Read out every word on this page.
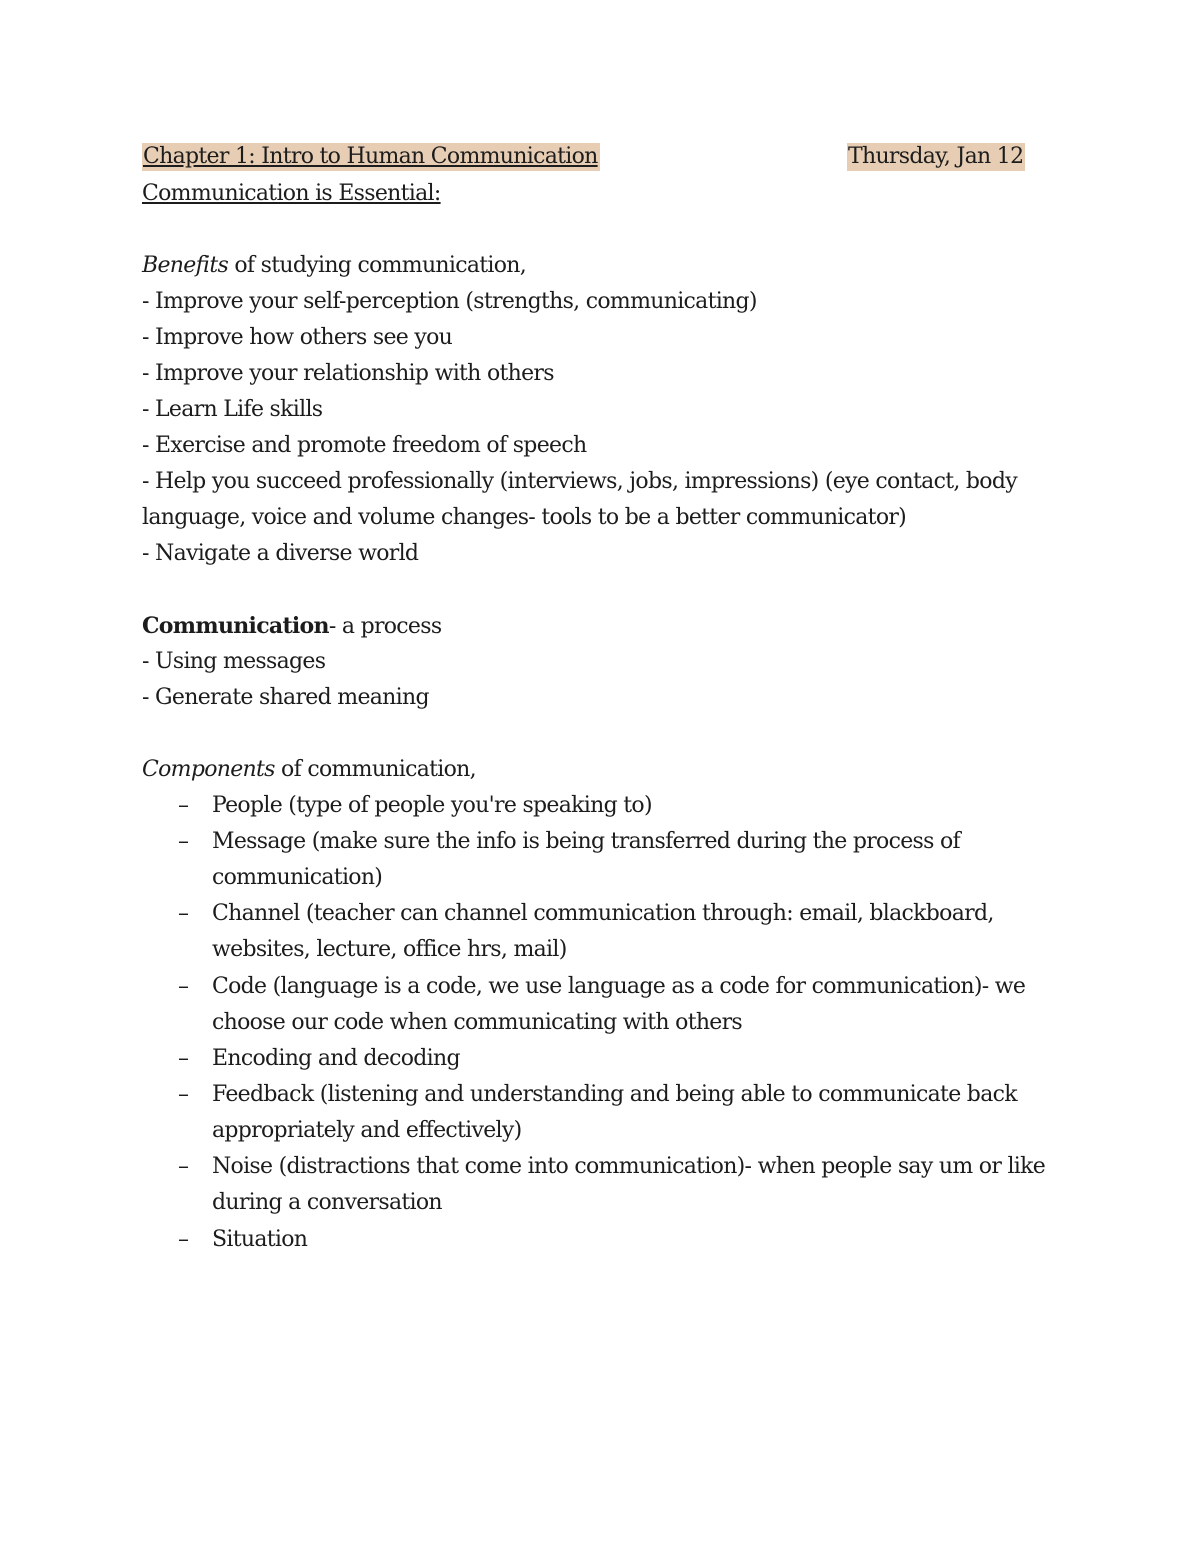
Chapter 1: Intro to Human Communication	Thursday, Jan 12
Communication is Essential:
Benefits of studying communication,
- Improve your self-perception (strengths, communicating)
- Improve how others see you
- Improve your relationship with others
- Learn Life skills
- Exercise and promote freedom of speech
- Help you succeed professionally (interviews, jobs, impressions) (eye contact, body
language, voice and volume changes- tools to be a better communicator)
- Navigate a diverse world
Communication- a process
- Using messages
- Generate shared meaning
Components of communication,
– People (type of people you're speaking to)
– Message (make sure the info is being transferred during the process of
communication)
– Channel (teacher can channel communication through: email, blackboard,
websites, lecture, office hrs, mail)
– Code (language is a code, we use language as a code for communication)- we
choose our code when communicating with others
– Encoding and decoding
– Feedback (listening and understanding and being able to communicate back
appropriately and effectively)
– Noise (distractions that come into communication)- when people say um or like
during a conversation
– Situation
